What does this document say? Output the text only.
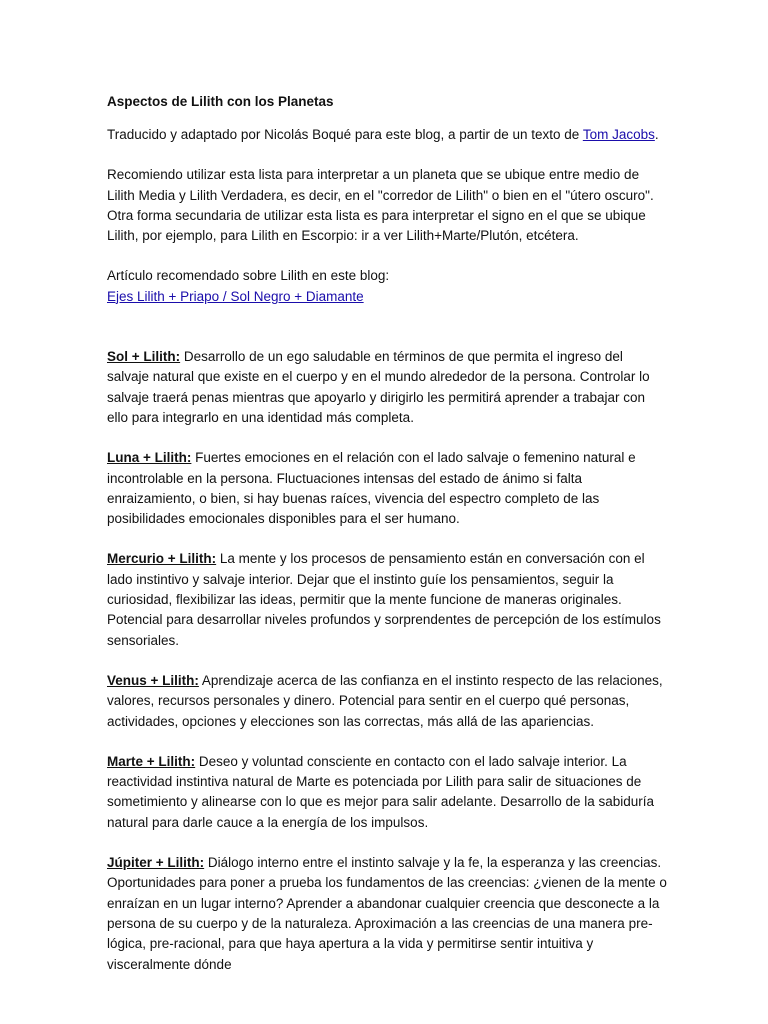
Aspectos de Lilith con los Planetas

Traducido y adaptado por Nicolás Boqué para este blog, a partir de un texto de Tom Jacobs.

Recomiendo utilizar esta lista para interpretar a un planeta que se ubique entre medio de Lilith Media y Lilith Verdadera, es decir, en el "corredor de Lilith" o bien en el "útero oscuro". Otra forma secundaria de utilizar esta lista es para interpretar el signo en el que se ubique Lilith, por ejemplo, para Lilith en Escorpio: ir a ver Lilith+Marte/Plutón, etcétera.

Artículo recomendado sobre Lilith en este blog:
Ejes Lilith + Priapo / Sol Negro + Diamante

Sol + Lilith: Desarrollo de un ego saludable en términos de que permita el ingreso del salvaje natural que existe en el cuerpo y en el mundo alrededor de la persona. Controlar lo salvaje traerá penas mientras que apoyarlo y dirigirlo les permitirá aprender a trabajar con ello para integrarlo en una identidad más completa.

Luna + Lilith: Fuertes emociones en el relación con el lado salvaje o femenino natural e incontrolable en la persona. Fluctuaciones intensas del estado de ánimo si falta enraizamiento, o bien, si hay buenas raíces, vivencia del espectro completo de las posibilidades emocionales disponibles para el ser humano.

Mercurio + Lilith: La mente y los procesos de pensamiento están en conversación con el lado instintivo y salvaje interior. Dejar que el instinto guíe los pensamientos, seguir la curiosidad, flexibilizar las ideas, permitir que la mente funcione de maneras originales. Potencial para desarrollar niveles profundos y sorprendentes de percepción de los estímulos sensoriales.

Venus + Lilith: Aprendizaje acerca de las confianza en el instinto respecto de las relaciones, valores, recursos personales y dinero. Potencial para sentir en el cuerpo qué personas, actividades, opciones y elecciones son las correctas, más allá de las apariencias.

Marte + Lilith: Deseo y voluntad consciente en contacto con el lado salvaje interior. La reactividad instintiva natural de Marte es potenciada por Lilith para salir de situaciones de sometimiento y alinearse con lo que es mejor para salir adelante. Desarrollo de la sabiduría natural para darle cauce a la energía de los impulsos.

Júpiter + Lilith: Diálogo interno entre el instinto salvaje y la fe, la esperanza y las creencias. Oportunidades para poner a prueba los fundamentos de las creencias: ¿vienen de la mente o enraízan en un lugar interno? Aprender a abandonar cualquier creencia que desconecte a la persona de su cuerpo y de la naturaleza. Aproximación a las creencias de una manera pre-lógica, pre-racional, para que haya apertura a la vida y permitirse sentir intuitiva y visceralmente dónde
